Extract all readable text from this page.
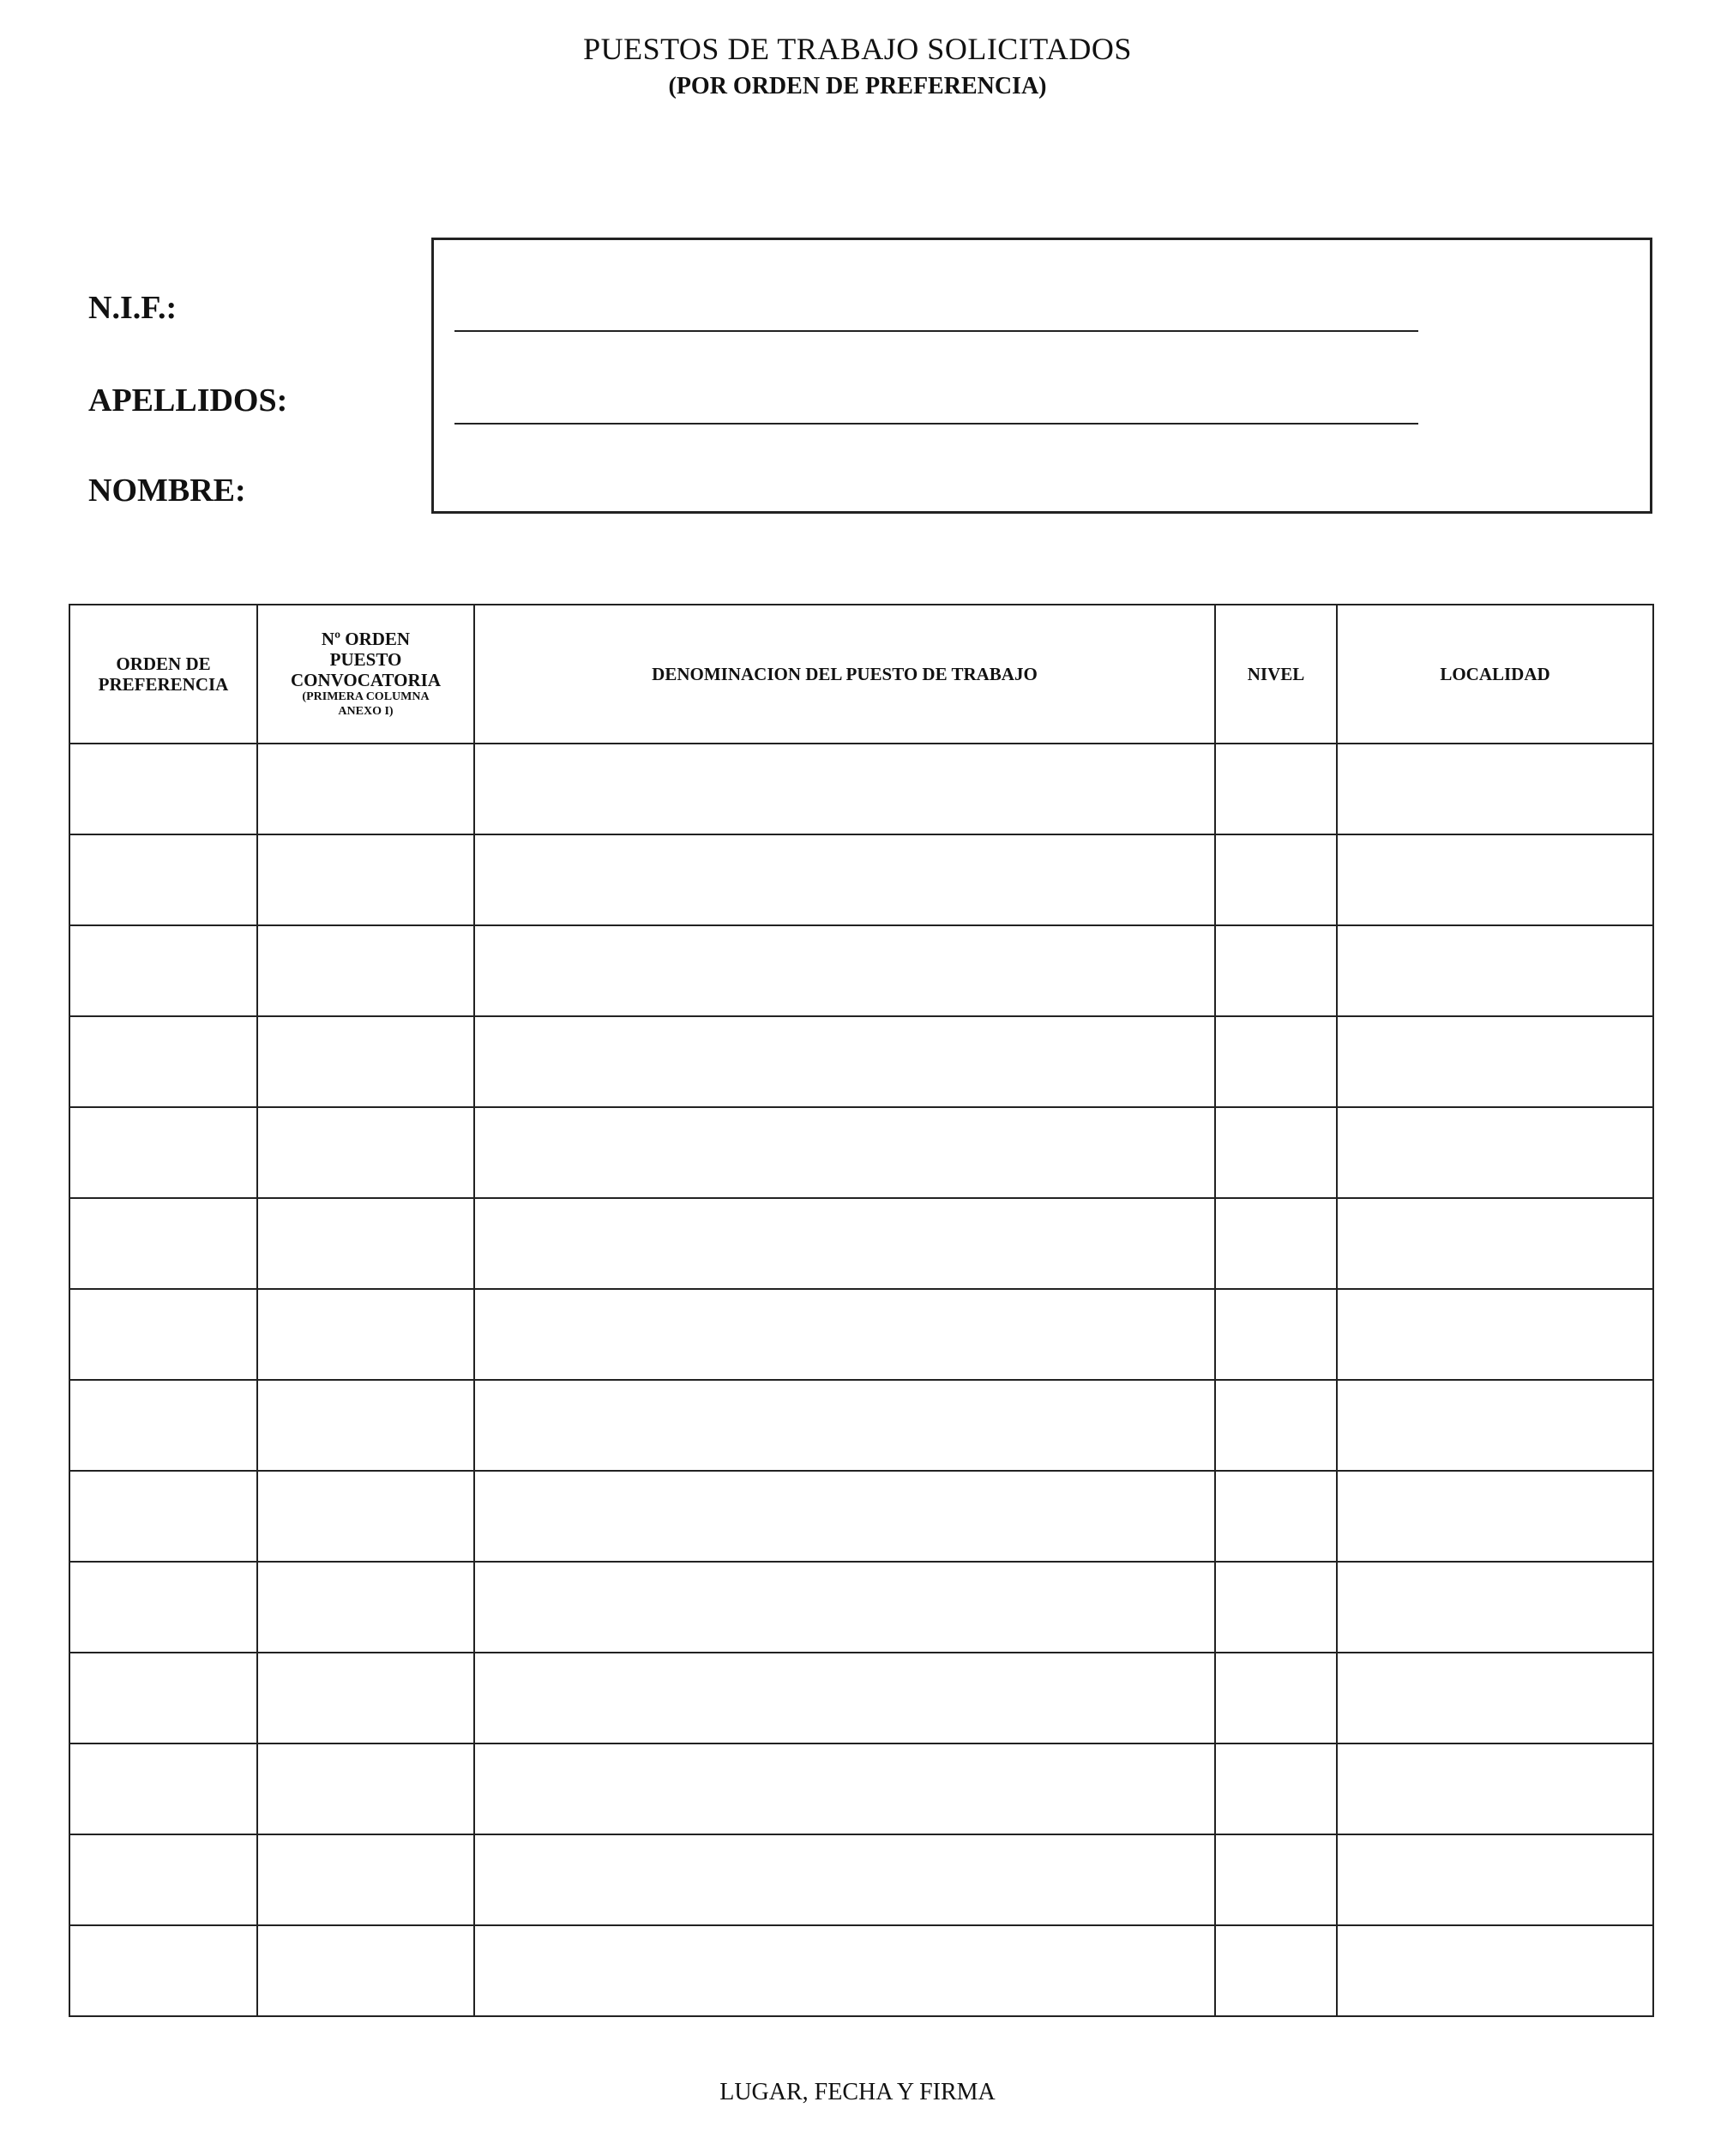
PUESTOS DE TRABAJO SOLICITADOS
(POR ORDEN DE PREFERENCIA)
N.I.F.:
APELLIDOS:
NOMBRE:
ORDEN DE
PREFERENCIA	Nº ORDEN
PUESTO
CONVOCATORIA
(PRIMERA COLUMNA
ANEXO I)	DENOMINACION DEL PUESTO DE TRABAJO	NIVEL	LOCALIDAD

LUGAR, FECHA Y FIRMA
